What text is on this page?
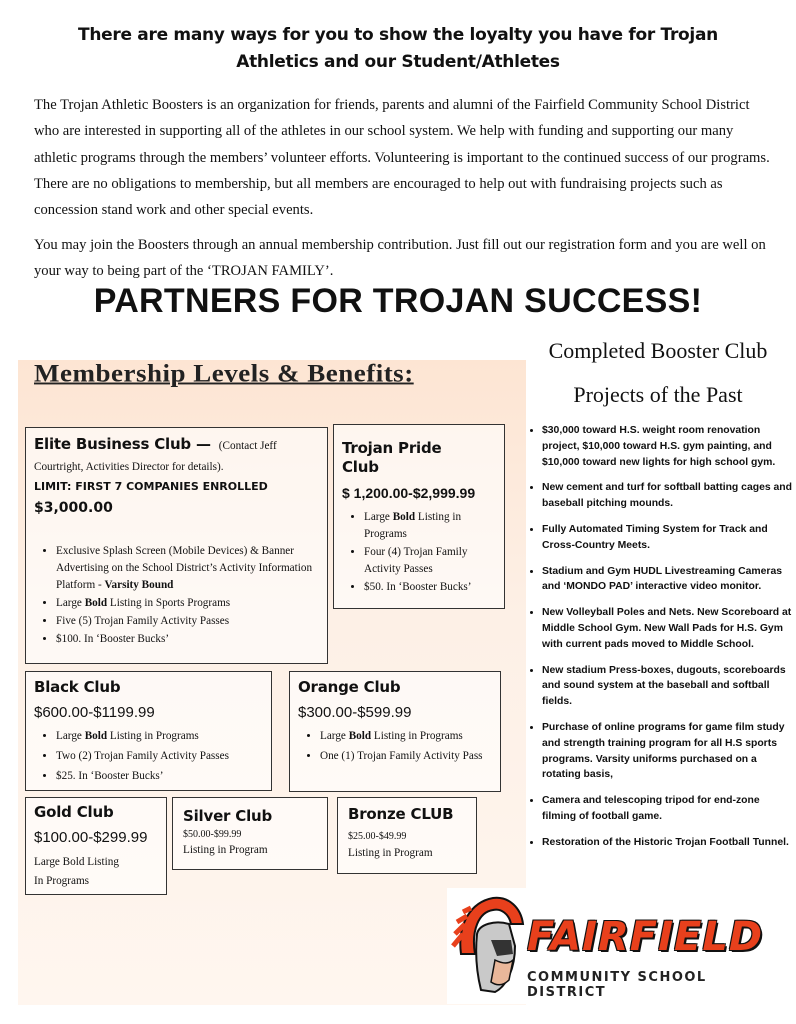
There are many ways for you to show the loyalty you have for Trojan
Athletics and our Student/Athletes
The Trojan Athletic Boosters is an organization for friends, parents and alumni of the Fairfield Community School District who are interested in supporting all of the athletes in our school system. We help with funding and supporting our many athletic programs through the members’ volunteer efforts. Volunteering is important to the continued success of our programs. There are no obligations to membership, but all members are encouraged to help out with fundraising projects such as concession stand work and other special events.
You may join the Boosters through an annual membership contribution. Just fill out our registration form and you are well on your way to being part of the ‘TROJAN FAMILY’.
PARTNERS FOR TROJAN SUCCESS!
Membership Levels & Benefits:
Elite Business Club — (Contact Jeff Courtright, Activities Director for details).
LIMIT: FIRST 7 COMPANIES ENROLLED
$3,000.00
• Exclusive Splash Screen (Mobile Devices) & Banner Advertising on the School District’s Activity Information Platform - Varsity Bound
• Large Bold Listing in Sports Programs
• Five (5) Trojan Family Activity Passes
• $100. In ‘Booster Bucks’
Trojan Pride Club
$ 1,200.00-$2,999.99
• Large Bold Listing in Programs
• Four (4) Trojan Family Activity Passes
• $50. In ‘Booster Bucks’
Black Club
$600.00-$1199.99
• Large Bold Listing in Programs
• Two (2) Trojan Family Activity Passes
• $25. In ‘Booster Bucks’
Orange Club
$300.00-$599.99
• Large Bold Listing in Programs
• One (1) Trojan Family Activity Pass
Gold Club
$100.00-$299.99
Large Bold Listing
In Programs
Silver Club
$50.00-$99.99
Listing in Program
Bronze CLUB
$25.00-$49.99
Listing in Program
Completed Booster Club
Projects of the Past
• $30,000 toward H.S. weight room renovation project, $10,000 toward H.S. gym painting, and $10,000 toward new lights for high school gym.
• New cement and turf for softball batting cages and baseball pitching mounds.
• Fully Automated Timing System for Track and Cross-Country Meets.
• Stadium and Gym HUDL Livestreaming Cameras and ‘MONDO PAD’ interactive video monitor.
• New Volleyball Poles and Nets. New Scoreboard at Middle School Gym. New Wall Pads for H.S. Gym with current pads moved to Middle School.
• New stadium Press-boxes, dugouts, scoreboards and sound system at the baseball and softball fields.
• Purchase of online programs for game film study and strength training program for all H.S sports programs. Varsity uniforms purchased on a rotating basis,
• Camera and telescoping tripod for end-zone filming of football game.
• Restoration of the Historic Trojan Football Tunnel.
FAIRFIELD
COMMUNITY SCHOOL DISTRICT
